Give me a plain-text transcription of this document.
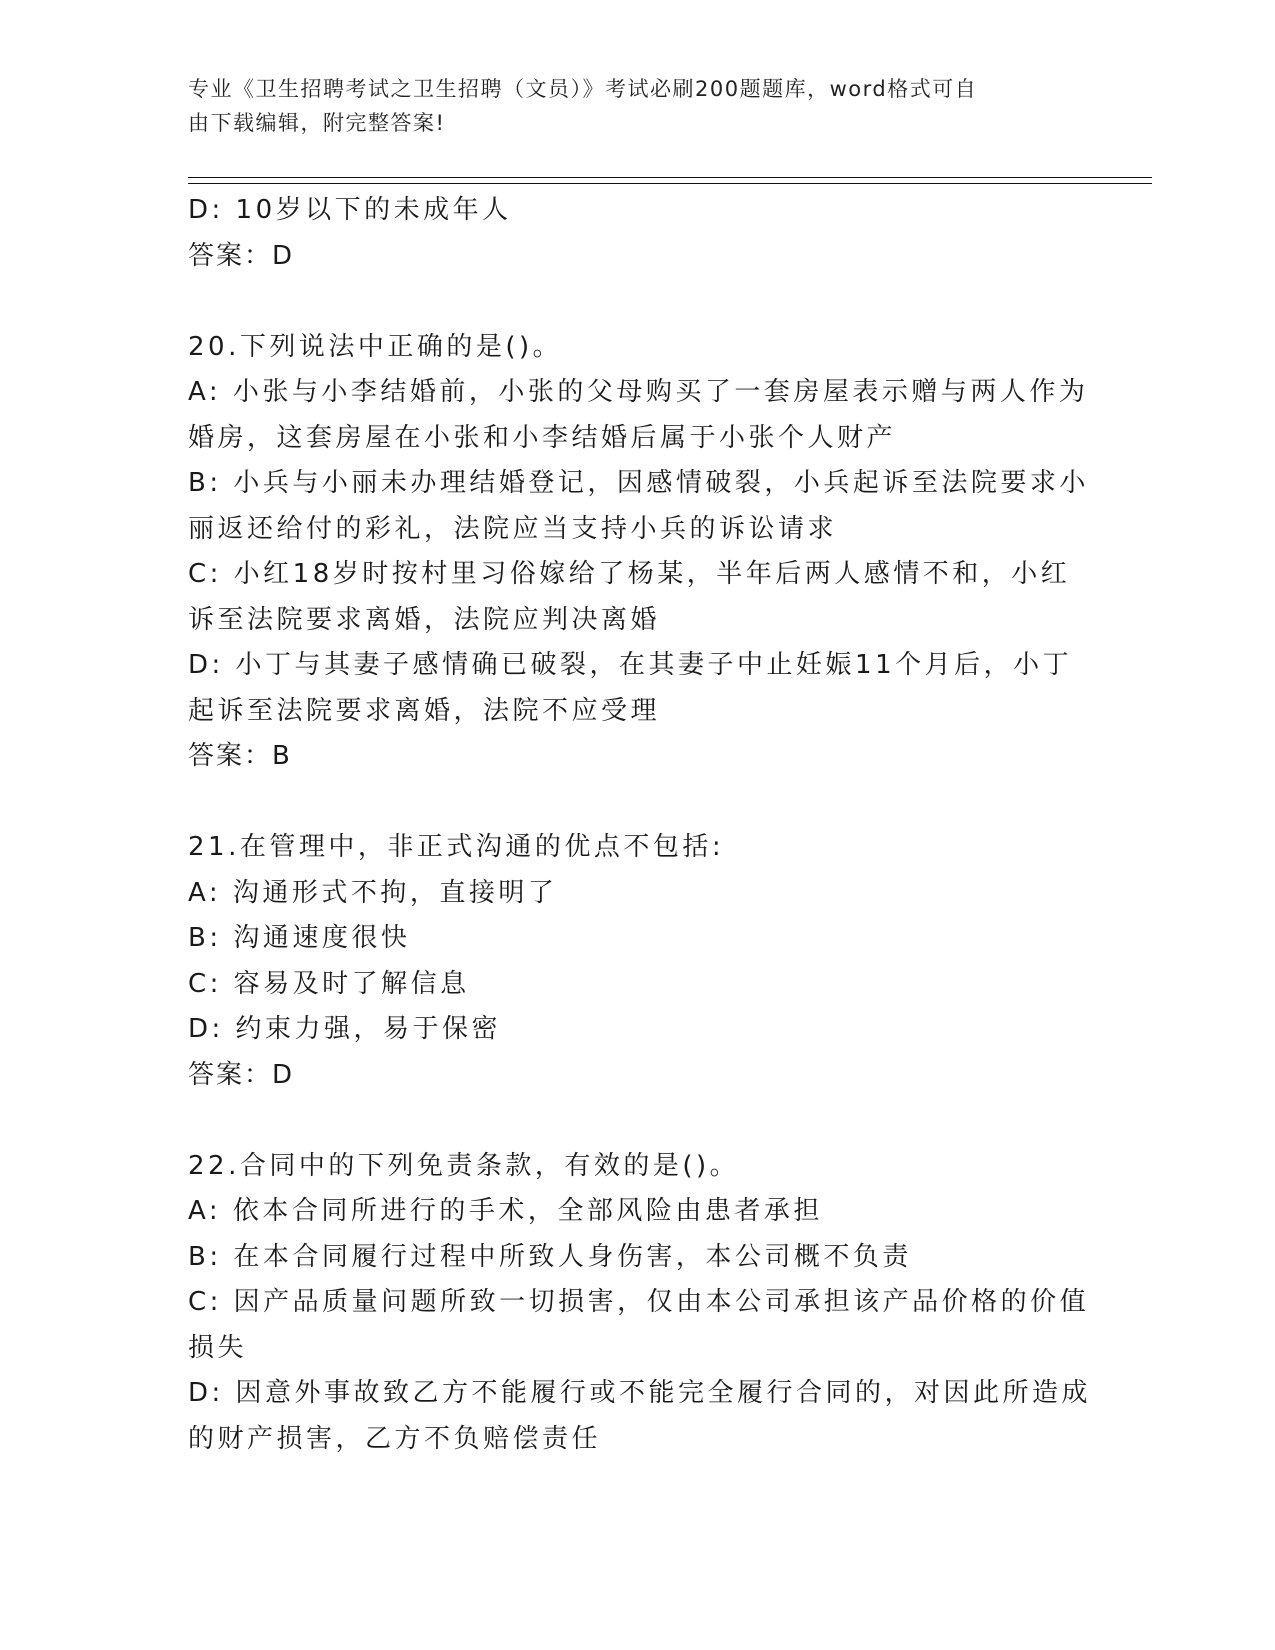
专业《卫生招聘考试之卫生招聘（文员）》考试必刷200题题库，word格式可自
由下载编辑，附完整答案!
D: 10岁以下的未成年人
答案：D
20.下列说法中正确的是()。
A: 小张与小李结婚前，小张的父母购买了一套房屋表示赠与两人作为
婚房，这套房屋在小张和小李结婚后属于小张个人财产
B: 小兵与小丽未办理结婚登记，因感情破裂，小兵起诉至法院要求小
丽返还给付的彩礼，法院应当支持小兵的诉讼请求
C: 小红18岁时按村里习俗嫁给了杨某，半年后两人感情不和，小红
诉至法院要求离婚，法院应判决离婚
D: 小丁与其妻子感情确已破裂，在其妻子中止妊娠11个月后，小丁
起诉至法院要求离婚，法院不应受理
答案：B
21.在管理中，非正式沟通的优点不包括:
A: 沟通形式不拘，直接明了
B: 沟通速度很快
C: 容易及时了解信息
D: 约束力强，易于保密
答案：D
22.合同中的下列免责条款，有效的是()。
A: 依本合同所进行的手术，全部风险由患者承担
B: 在本合同履行过程中所致人身伤害，本公司概不负责
C: 因产品质量问题所致一切损害，仅由本公司承担该产品价格的价值
损失
D: 因意外事故致乙方不能履行或不能完全履行合同的，对因此所造成
的财产损害，乙方不负赔偿责任
